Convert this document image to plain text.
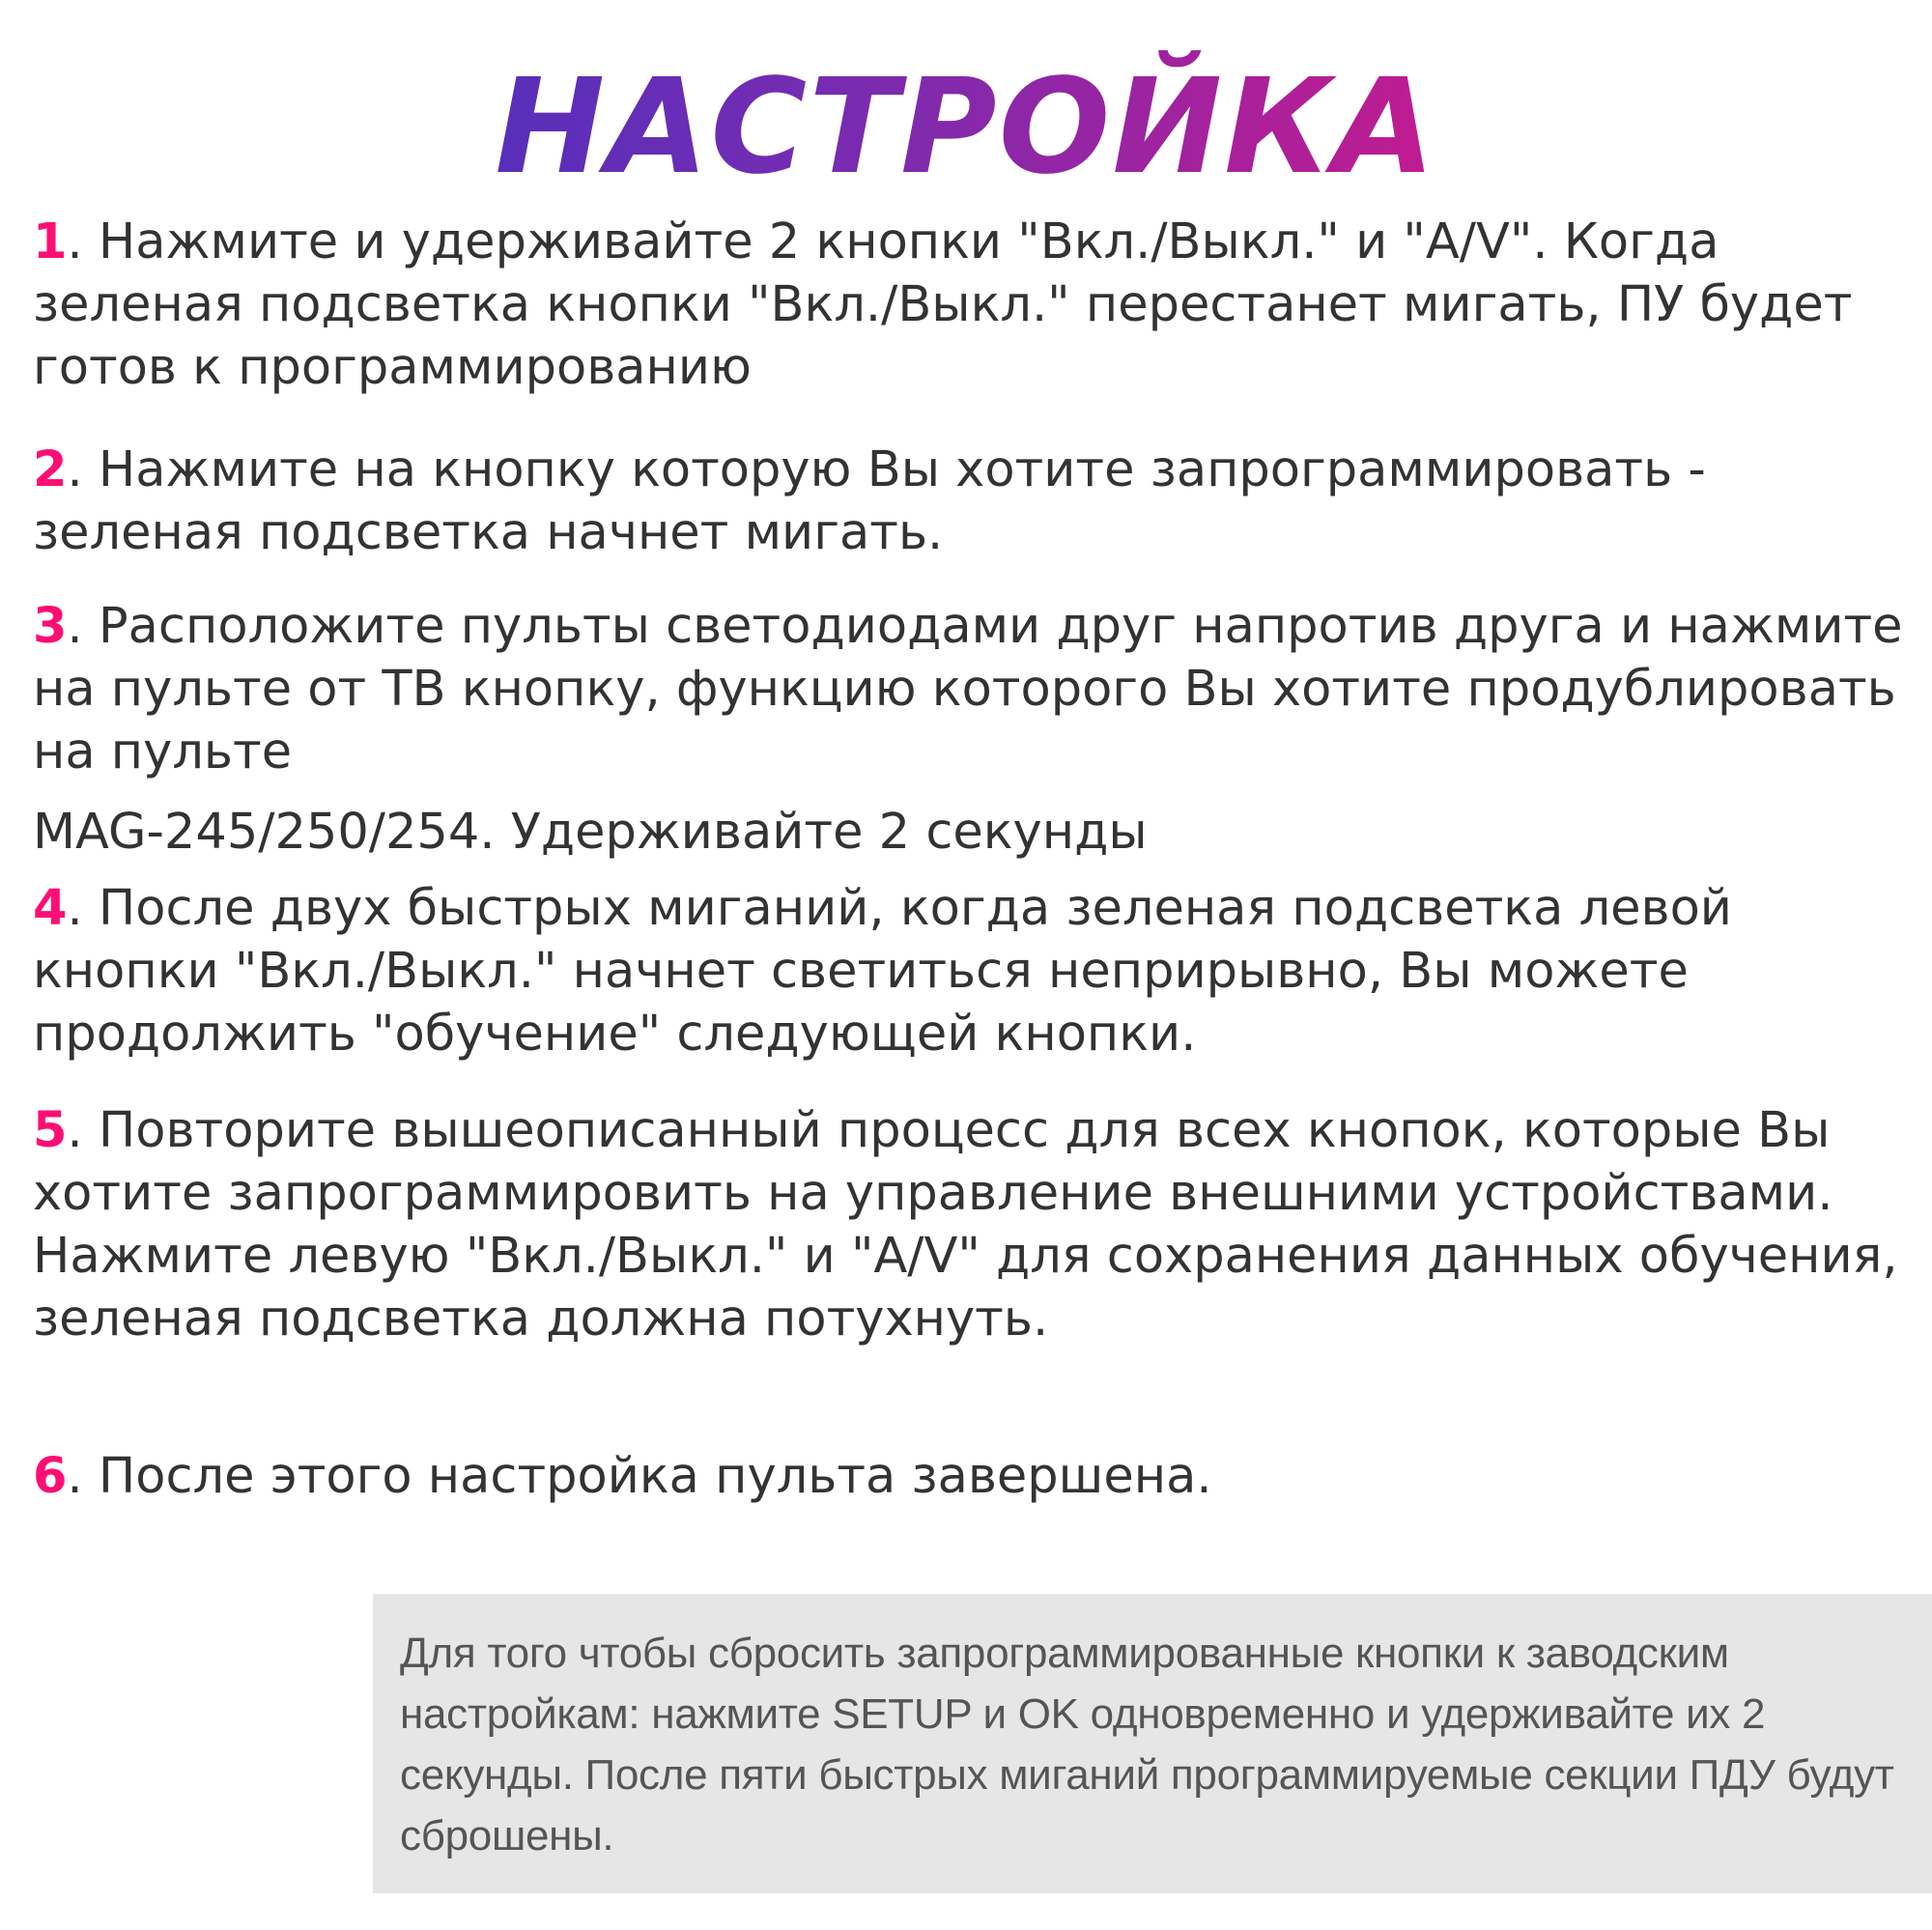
НАСТРОЙКА

1. Нажмите и удерживайте 2 кнопки "Вкл./Выкл." и "A/V". Когда зеленая подсветка кнопки "Вкл./Выкл." перестанет мигать, ПУ будет готов к программированию

2. Нажмите на кнопку которую Вы хотите запрограммировать - зеленая подсветка начнет мигать.

3. Расположите пульты светодиодами друг напротив друга и нажмите на пульте от ТВ кнопку, функцию которого Вы хотите продублировать на пульте
MAG-245/250/254. Удерживайте 2 секунды

4. После двух быстрых миганий, когда зеленая подсветка левой кнопки "Вкл./Выкл." начнет светиться неприрывно, Вы можете продолжить "обучение" следующей кнопки.

5. Повторите вышеописанный процесс для всех кнопок, которые Вы хотите запрограммировить на управление внешними устройствами. Нажмите левую "Вкл./Выкл." и "A/V" для сохранения данных обучения, зеленая подсветка должна потухнуть.

6. После этого настройка пульта завершена.

Для того чтобы сбросить запрограммированные кнопки к заводским настройкам: нажмите SETUP и OK одновременно и удерживайте их 2 секунды. После пяти быстрых миганий программируемые секции ПДУ будут сброшены.
